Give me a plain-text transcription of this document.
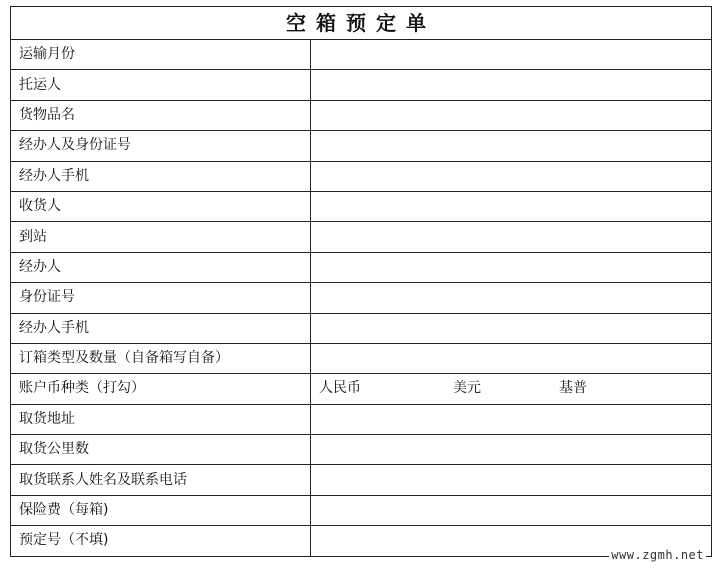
空箱预定单	
运输月份	
托运人	
货物品名	
经办人及身份证号	
经办人手机	
收货人	
到站	
经办人	
身份证号	
经办人手机	
订箱类型及数量（自备箱写自备）	
账户币种类（打勾）	人民币 美元 基普

取货地址	
取货公里数	
取货联系人姓名及联系电话	
保险费（每箱)	
预定号（不填)	
www.zgmh.net
